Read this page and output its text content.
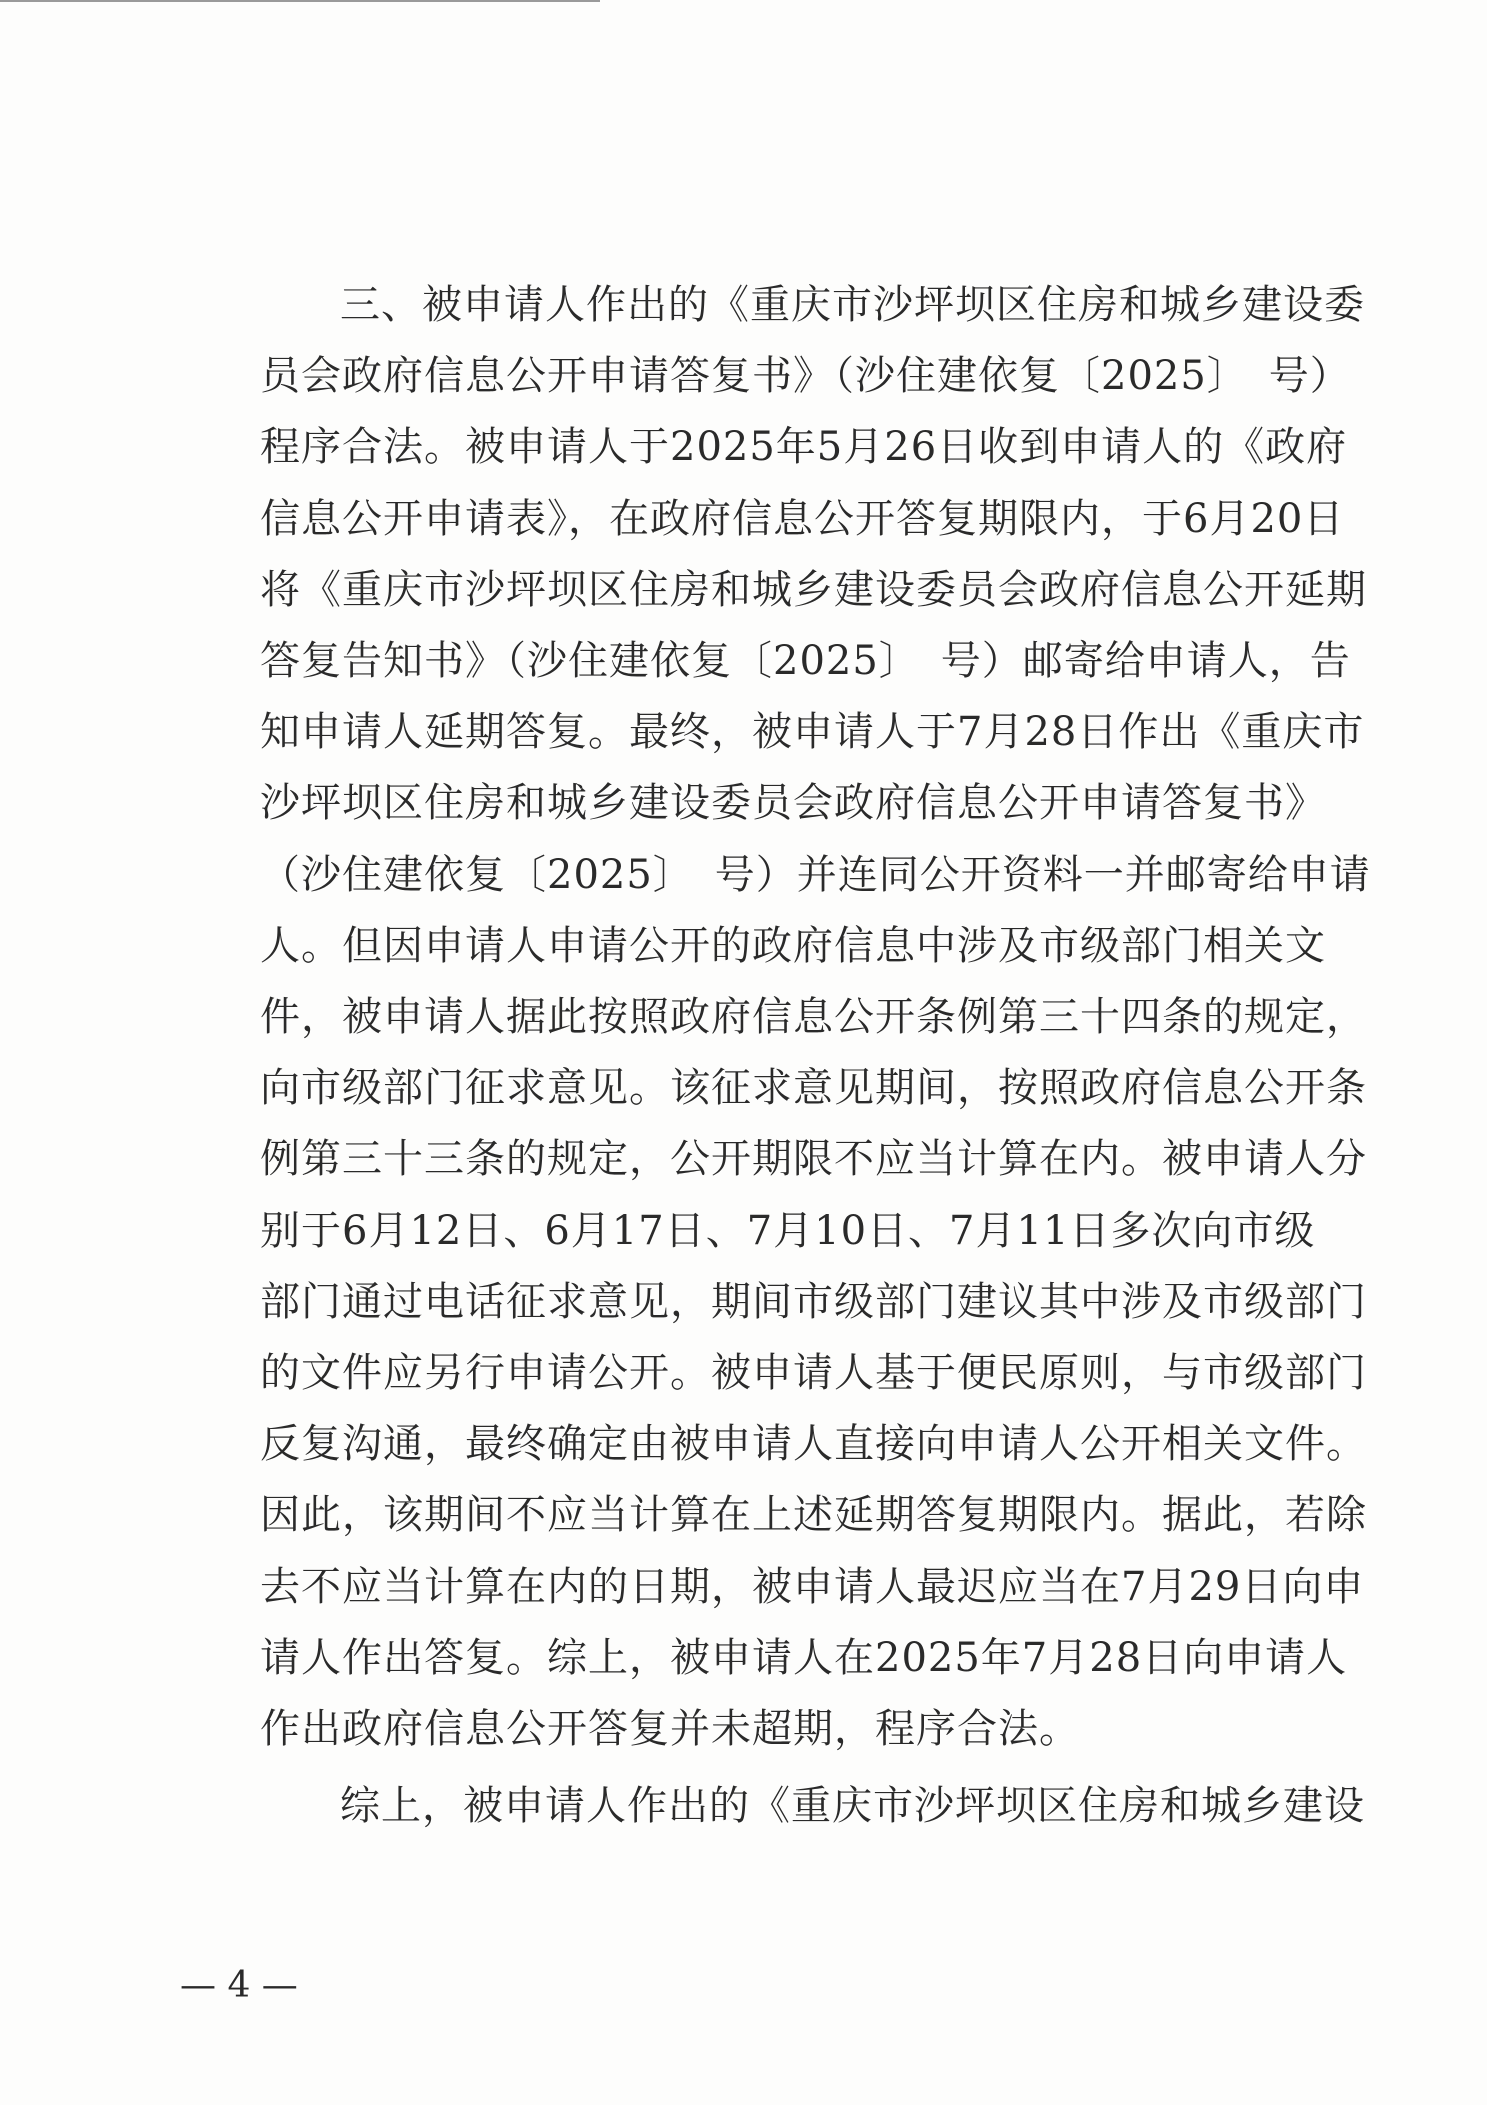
三、被申请人作出的《重庆市沙坪坝区住房和城乡建设委
员会政府信息公开申请答复书》（沙住建依复〔2025〕　号）
程序合法。被申请人于2025年5月26日收到申请人的《政府
信息公开申请表》，在政府信息公开答复期限内，于6月20日
将《重庆市沙坪坝区住房和城乡建设委员会政府信息公开延期
答复告知书》（沙住建依复〔2025〕　号）邮寄给申请人，告
知申请人延期答复。最终，被申请人于7月28日作出《重庆市
沙坪坝区住房和城乡建设委员会政府信息公开申请答复书》
（沙住建依复〔2025〕　号）并连同公开资料一并邮寄给申请
人。但因申请人申请公开的政府信息中涉及市级部门相关文
件，被申请人据此按照政府信息公开条例第三十四条的规定，
向市级部门征求意见。该征求意见期间，按照政府信息公开条
例第三十三条的规定，公开期限不应当计算在内。被申请人分
别于6月12日、6月17日、7月10日、7月11日多次向市级
部门通过电话征求意见，期间市级部门建议其中涉及市级部门
的文件应另行申请公开。被申请人基于便民原则，与市级部门
反复沟通，最终确定由被申请人直接向申请人公开相关文件。
因此，该期间不应当计算在上述延期答复期限内。据此，若除
去不应当计算在内的日期，被申请人最迟应当在7月29日向申
请人作出答复。综上，被申请人在2025年7月28日向申请人
作出政府信息公开答复并未超期，程序合法。
综上，被申请人作出的《重庆市沙坪坝区住房和城乡建设
— 4 —
